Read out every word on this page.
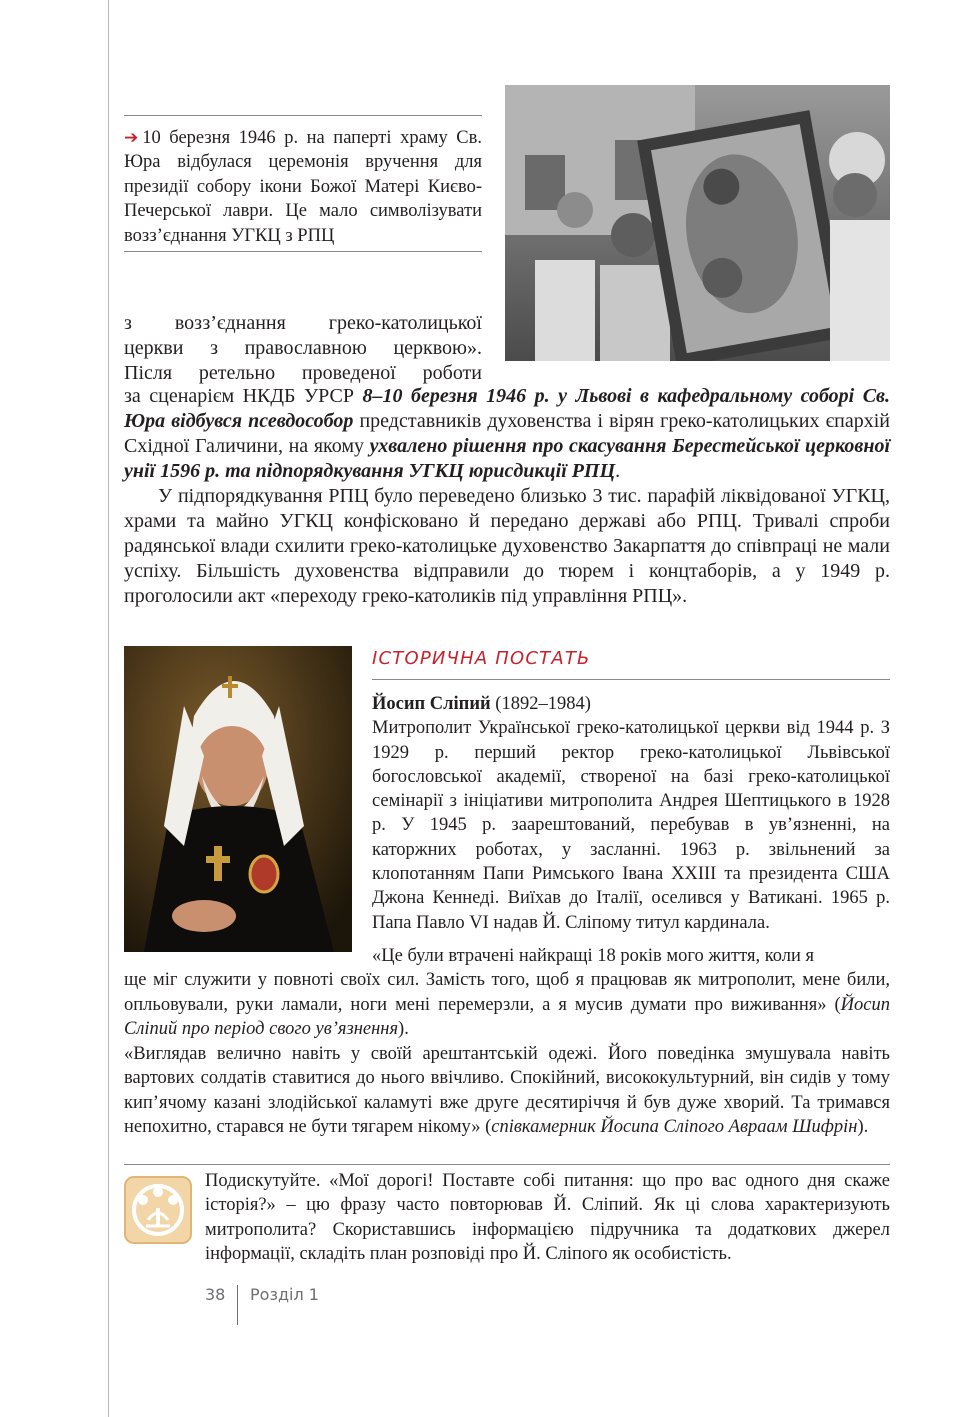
➔ 10 березня 1946 р. на паперті храму Св. Юра відбулася церемонія вручення для президії собору ікони Божої Матері Києво-Печерської лаври. Це мало символізувати возз’єднання УГКЦ з РПЦ
з возз’єднання греко-католицької
церкви з православною церквою».
Після ретельно проведеної роботи

за сценарієм НКДБ УРСР 8–10 березня 1946 р. у Львові в кафедральному соборі Св. Юра відбувся псевдособор представників духовенства і вірян греко-католицьких єпархій Східної Галичини, на якому ухвалено рішення про скасування Берестейської церковної унії 1596 р. та підпорядкування УГКЦ юрисдикції РПЦ.

У підпорядкування РПЦ було переведено близько 3 тис. парафій ліквідованої УГКЦ, храми та майно УГКЦ конфісковано й передано державі або РПЦ. Тривалі спроби радянської влади схилити греко-католицьке духовенство Закарпаття до співпраці не мали успіху. Більшість духовенства відправили до тюрем і концтаборів, а у 1949 р. проголосили акт «переходу греко-католиків під управління РПЦ».

ІСТОРИЧНА ПОСТАТЬ
Йосип Сліпий (1892–1984)
Митрополит Української греко-католицької церкви від 1944 р. З 1929 р. перший ректор греко-католицької Львівської богословської академії, створеної на базі греко-католицької семінарії з ініціативи митрополита Андрея Шептицького в 1928 р. У 1945 р. заарештований, перебував в ув’язненні, на каторжних роботах, у засланні. 1963 р. звільнений за клопотанням Папи Римського Івана XXIII та президента США Джона Кеннеді. Виїхав до Італії, оселився у Ватикані. 1965 р. Папа Павло VI надав Й. Сліпому титул кардинала.
«Це були втрачені найкращі 18 років мого життя, коли я
ще міг служити у повноті своїх сил. Замість того, щоб я працював як митрополит, мене били, опльовували, руки ламали, ноги мені перемерзли, а я мусив думати про виживання» (Йосип Сліпий про період свого ув’язнення).
«Виглядав велично навіть у своїй арештантській одежі. Його поведінка змушувала навіть вартових солдатів ставитися до нього ввічливо. Спокійний, висококультурний, він сидів у тому кип’ячому казані злодійської каламуті вже друге десятиріччя й був дуже хворий. Та тримався непохитно, старався не бути тягарем нікому» (співкамерник Йосипа Сліпого Авраам Шифрін).
Подискутуйте. «Мої дорогі! Поставте собі питання: що про вас одного дня скаже історія?» – цю фразу часто повторював Й. Сліпий. Як ці слова характеризують митрополита? Скориставшись інформацією підручника та додаткових джерел інформації, складіть план розповіді про Й. Сліпого як особистість.
38	Розділ 1
